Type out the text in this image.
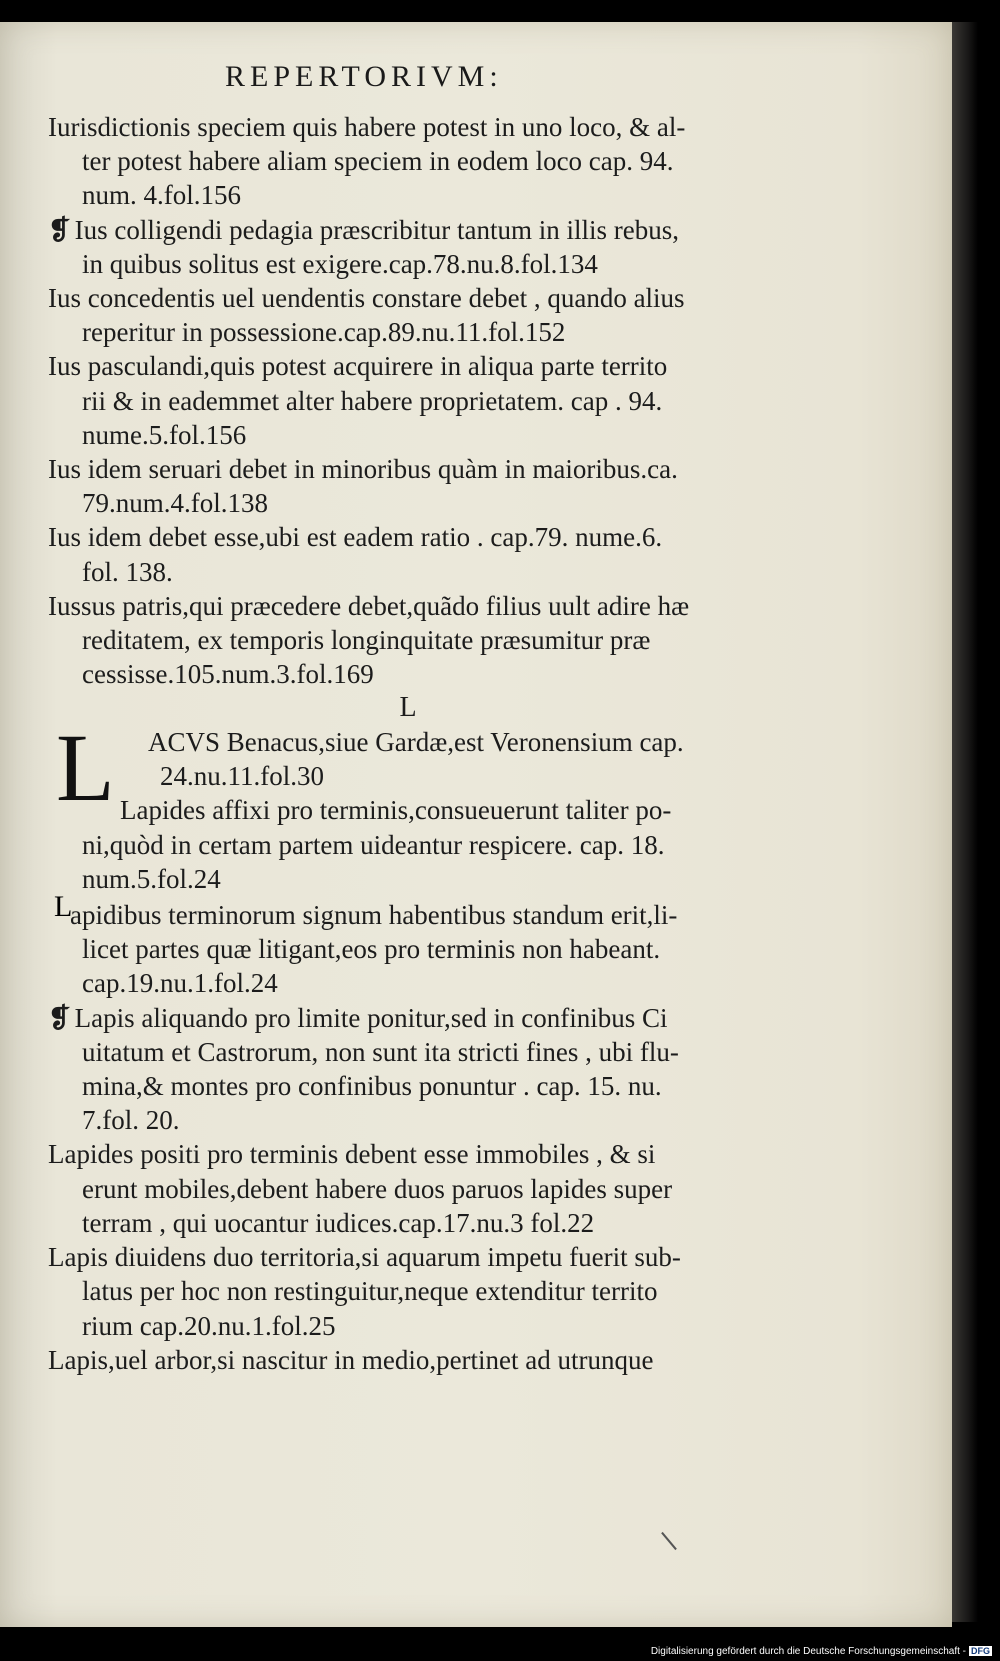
REPERTORIVM:
Iurisdictionis speciem quis habere potest in uno loco, & al-
ter potest habere aliam speciem in eodem loco cap. 94.
num. 4.fol.156
❡ Ius colligendi pedagia præscribitur tantum in illis rebus,
in quibus solitus est exigere.cap.78.nu.8.fol.134
Ius concedentis uel uendentis constare debet , quando alius
reperitur in possessione.cap.89.nu.11.fol.152
Ius pasculandi,quis potest acquirere in aliqua parte territo
rii & in eademmet alter habere proprietatem. cap . 94.
nume.5.fol.156
Ius idem seruari debet in minoribus quàm in maioribus.ca.
79.num.4.fol.138
Ius idem debet esse,ubi est eadem ratio . cap.79. nume.6.
fol. 138.
Iussus patris,qui præcedere debet,quãdo filius uult adire hæ
reditatem, ex temporis longinquitate præsumitur præ
cessisse.105.num.3.fol.169
L
L ACVS Benacus,siue Gardæ,est Veronensium cap.
24.nu.11.fol.30
Lapides affixi pro terminis,consueuerunt taliter po-
ni,quòd in certam partem uideantur respicere. cap. 18.
num.5.fol.24
apidibus terminorum signum habentibus standum erit,li-
licet partes quæ litigant,eos pro terminis non habeant.
cap.19.nu.1.fol.24
❡ Lapis aliquando pro limite ponitur,sed in confinibus Ci
uitatum et Castrorum, non sunt ita stricti fines , ubi flu-
mina,& montes pro confinibus ponuntur . cap. 15. nu.
7.fol. 20.
Lapides positi pro terminis debent esse immobiles , & si
erunt mobiles,debent habere duos paruos lapides super
terram , qui uocantur iudices.cap.17.nu.3 fol.22
Lapis diuidens duo territoria,si aquarum impetu fuerit sub-
latus per hoc non restinguitur,neque extenditur territo
rium cap.20.nu.1.fol.25
Lapis,uel arbor,si nascitur in medio,pertinet ad utrunque
L
Digitalisierung gefördert durch die Deutsche Forschungsgemeinschaft - DFG
